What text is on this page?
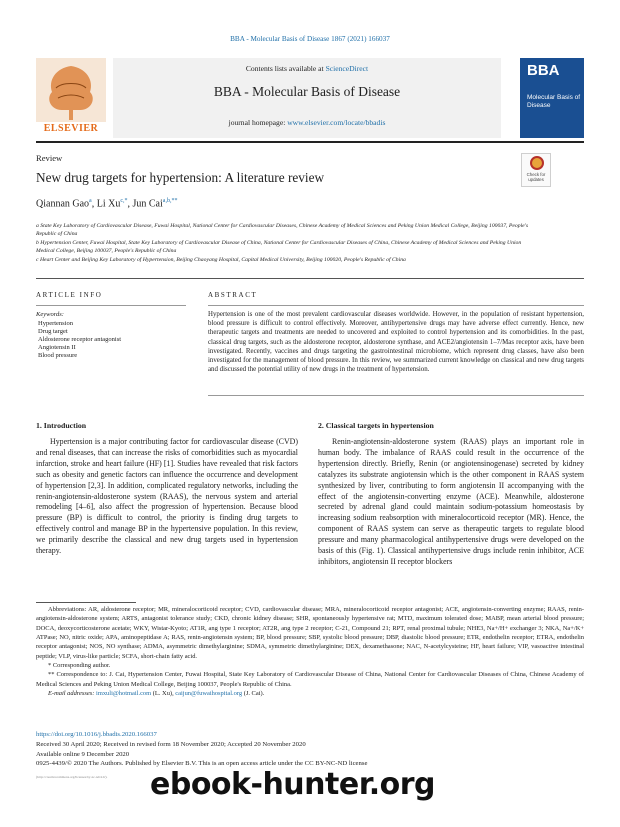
BBA - Molecular Basis of Disease 1867 (2021) 166037
ELSEVIER
Contents lists available at ScienceDirect
BBA - Molecular Basis of Disease
journal homepage: www.elsevier.com/locate/bbadis
BBA
Molecular Basis of Disease
Review
New drug targets for hypertension: A literature review	Check for updates
Qiannan Gao$^a$, Li $Xu^{c,*}$, Jun Cai$^{a,b,**}$
a State Key Laboratory of Cardiovascular Disease, Fuwai Hospital, National Center for Cardiovascular Diseases, Chinese Academy of Medical Sciences and Peking Union Medical College, Beijing 100037, People's Republic of China
b Hypertension Center, Fuwai Hospital, State Key Laboratory of Cardiovascular Disease of China, National Center for Cardiovascular Diseases of China, Chinese Academy of Medical Sciences and Peking Union Medical College, Beijing 100037, People's Republic of China
c Heart Center and Beijing Key Laboratory of Hypertension, Beijing Chaoyang Hospital, Capital Medical University, Beijing 100020, People's Republic of China
ARTICLE INFO
Keywords:
Hypertension
Drug target
Aldosterone receptor antagonist
Angiotensin II
Blood pressure
ABSTRACT
Hypertension is one of the most prevalent cardiovascular diseases worldwide. However, in the population of resistant hypertension, blood pressure is difficult to control effectively. Moreover, antihypertensive drugs may have adverse effect currently. Hence, new therapeutic targets and treatments are needed to uncovered and exploited to control hypertension and its comorbidities. In the past, classical drug targets, such as the aldosterone receptor, aldosterone synthase, and ACE2/angiotensin 1–7/Mas receptor axis, have been investigated. Recently, vaccines and drugs targeting the gastrointestinal microbiome, which represent drug classes, have also been investigated for the management of blood pressure. In this review, we summarized current knowledge on classical and new drug targets and discussed the potential utility of new drugs in the treatment of hypertension.
1. Introduction
Hypertension is a major contributing factor for cardiovascular disease (CVD) and renal diseases, that can increase the risks of comorbidities such as myocardial infarction, stroke and heart failure (HF) [1]. Studies have revealed that risk factors such as obesity and genetic factors can influence the occurrence and development of hypertension [2,3]. In addition, complicated regulatory networks, including the renin-angiotensin-aldosterone system (RAAS), the nervous system and arterial remodeling [4–6], also affect the progression of hypertension. Because blood pressure (BP) is difficult to control, the priority is finding drug targets to effectively control and manage BP in the hypertensive population. In this review, we primarily describe the classical and new drug targets used in hypertension therapy.
2. Classical targets in hypertension
Renin-angiotensin-aldosterone system (RAAS) plays an important role in human body. The imbalance of RAAS could result in the occurrence of the hypertension directly. Briefly, Renin (or angiotensinogenase) secreted by kidney catalyzes its substrate angiotensin which is the other component in RAAS system synthesized by liver, contributing to form angiotensin II accompanying with the effect of the angiotensin-converting enzyme (ACE). Meanwhile, aldosterone secreted by adrenal gland could maintain sodium-potassium homeostasis by increasing sodium reabsorption with mineralocorticoid receptor (MR). Hence, the component of RAAS system can serve as therapeutic targets to regulate blood pressure and many pharmacological antihypertensive drugs were developed on the basis of this (Fig. 1). Classical antihypertensive drugs include renin inhibitor, ACE inhibitors, angiotensin II receptor blockers
Abbreviations: AR, aldosterone receptor; MR, mineralocorticoid receptor; CVD, cardiovascular disease; MRA, mineralocorticoid receptor antagonist; ACE, angiotensin-converting enzyme; RAAS, renin-angiotensin-aldosterone system; ARTS, antagonist tolerance study; CKD, chronic kidney disease; SHR, spontaneously hypertensive rat; MTD, maximum tolerated dose; MABP, mean arterial blood pressure; DOCA, deoxycorticosterone acetate; WKY, Wistar-Kyoto; AT1R, ang type 1 receptor; AT2R, ang type 2 receptor; C-21, Compound 21; RPT, renal proximal tubule; NHE3, Na+/H+ exchanger 3; NKA, Na+/K+ ATPase; NO, nitric oxide; APA, aminopeptidase A; RAS, renin-angiotensin system; BP, blood pressure; SBP, systolic blood pressure; DBP, diastolic blood pressure; ETR, endothelin receptor; ETRA, endothelin receptor antagonist; NOS, NO synthase; ADMA, asymmetric dimethylarginine; SDMA, symmetric dimethylarginine; DEX, dexamethasone; NAC, N-acetylcysteine; HF, heart failure; VIP, vasoactive intestinal peptide; VLP, virus-like particle; SCFA, short-chain fatty acid.
* Corresponding author.
** Correspondence to: J. Cai, Hypertension Center, Fuwai Hospital, State Key Laboratory of Cardiovascular Disease of China, National Center for Cardiovascular Diseases of China, Chinese Academy of Medical Sciences and Peking Union Medical College, Beijing 100037, People's Republic of China.
E-mail addresses: imxuli@hotmail.com (L. Xu), caijun@fuwaihospital.org (J. Cai).
https://doi.org/10.1016/j.bbadis.2020.166037
Received 30 April 2020; Received in revised form 18 November 2020; Accepted 20 November 2020
Available online 9 December 2020
0925-4439/© 2020 The Authors. Published by Elsevier B.V. This is an open access article under the CC BY-NC-ND license
(http://creativecommons.org/licenses/by-nc-nd/4.0/). ebook-hunter.org
